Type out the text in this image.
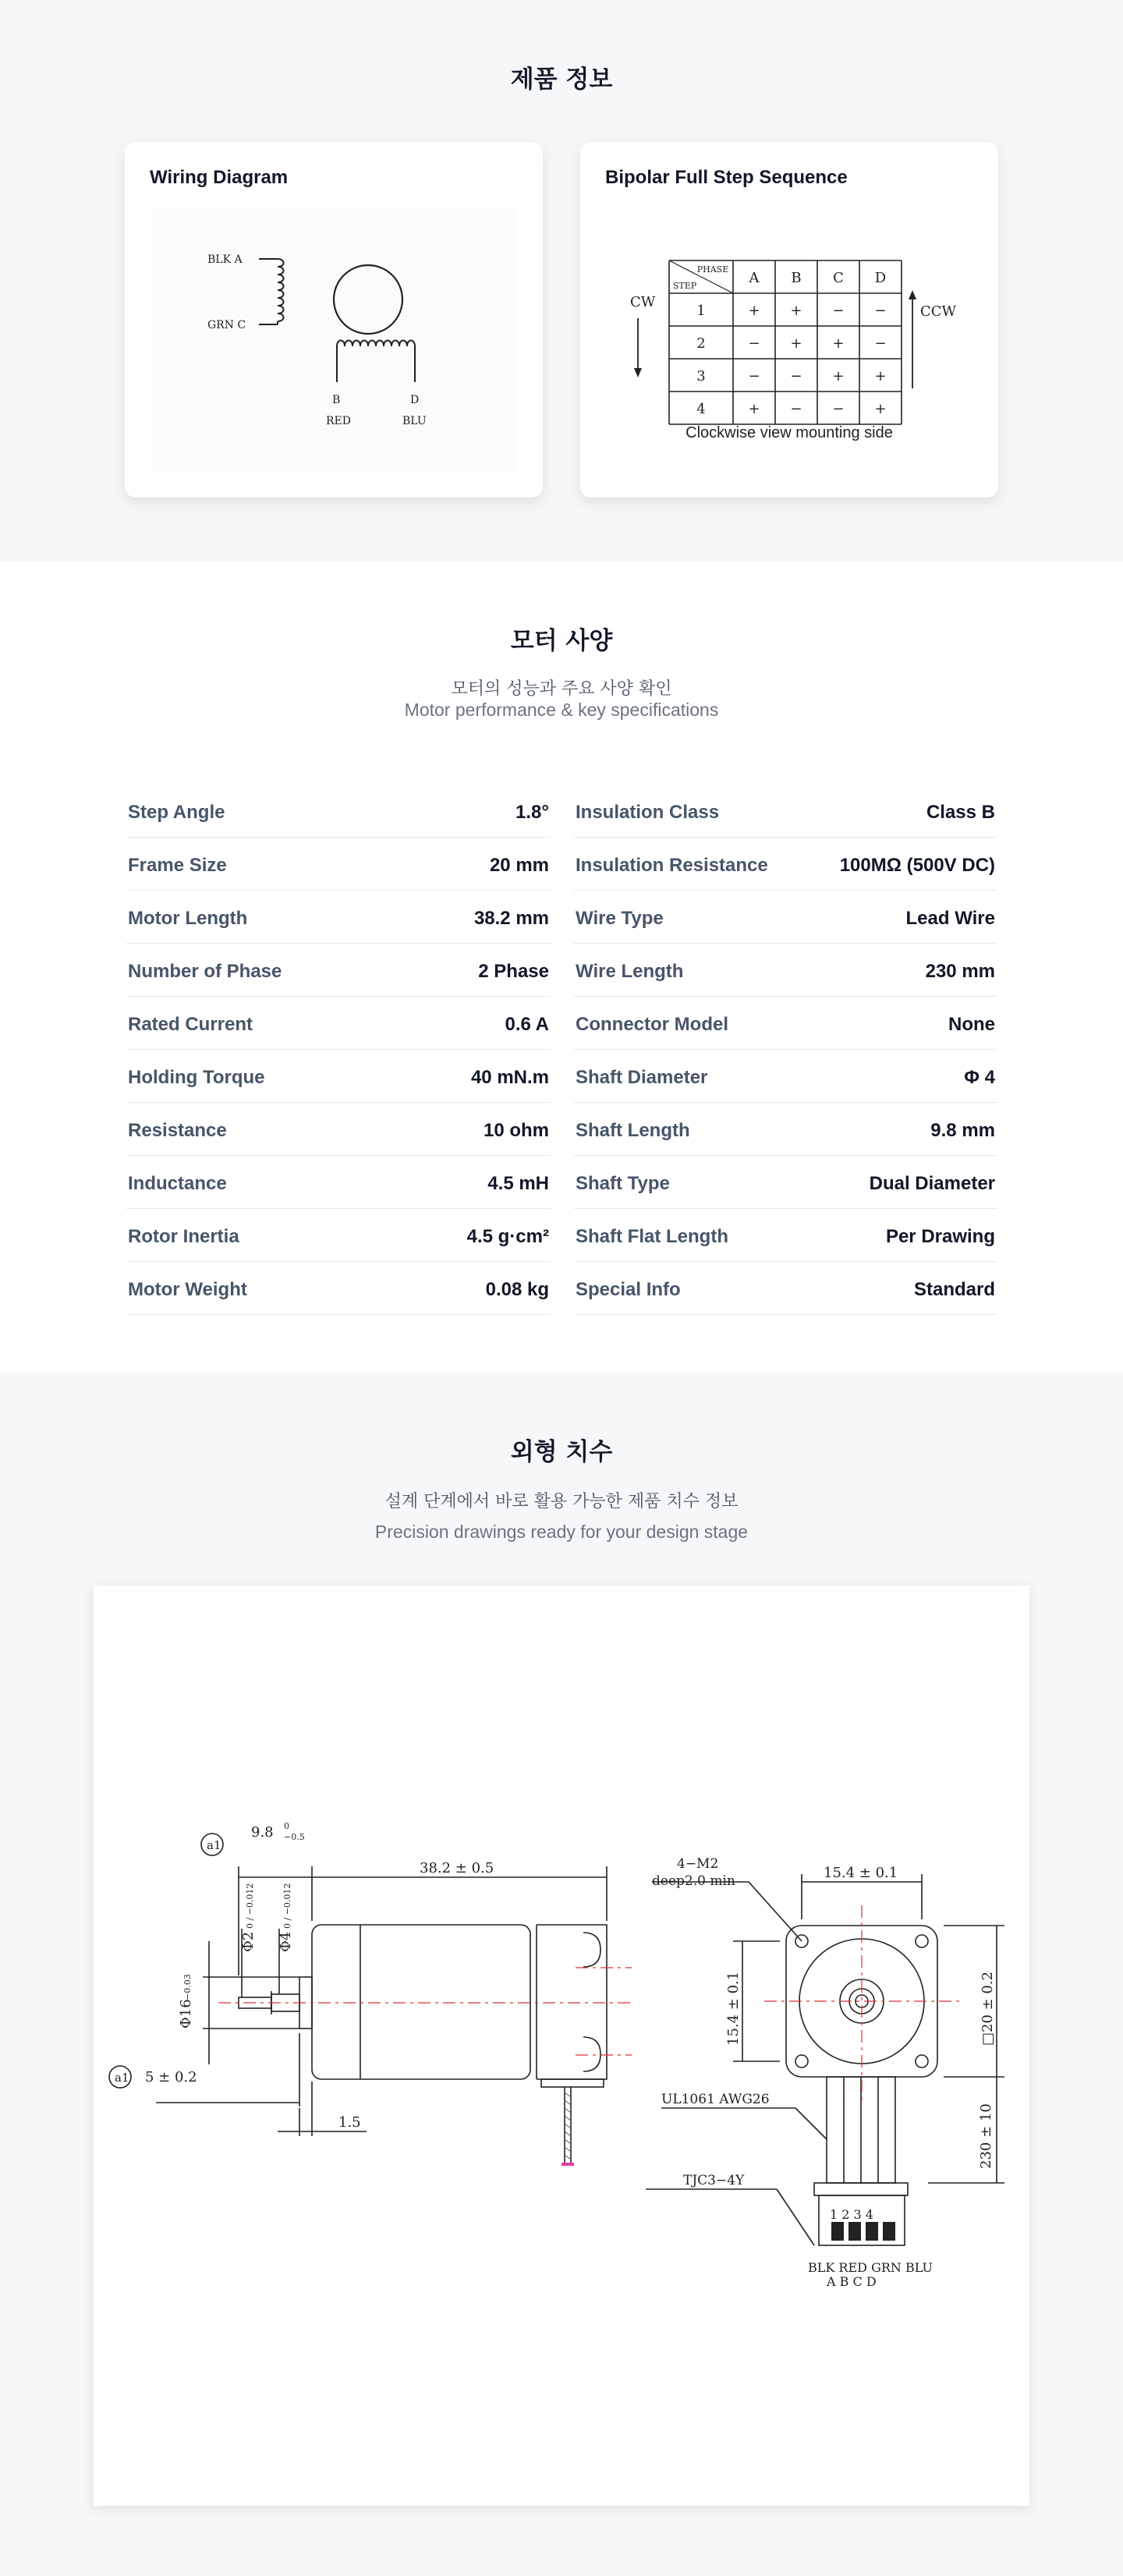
제품 정보
Wiring Diagram
BLK A
GRN C
B
RED
D
BLU
Bipolar Full Step Sequence
PHASE
STEP	A B C D
1	+ + − −
2	− + + −
3	− − + +
4	+ − − +
CW
CCW
Clockwise view mounting side
모터 사양
모터의 성능과 주요 사양 확인
Motor performance & key specifications
Step Angle	1.8°
Frame Size	20 mm
Motor Length	38.2 mm
Number of Phase	2 Phase
Rated Current	0.6 A
Holding Torque	40 mN.m
Resistance	10 ohm
Inductance	4.5 mH
Rotor Inertia	4.5 g·cm²
Motor Weight	0.08 kg
Insulation Class	Class B
Insulation Resistance	100MΩ (500V DC)
Wire Type	Lead Wire
Wire Length	230 mm
Connector Model	None
Shaft Diameter	Φ 4
Shaft Length	9.8 mm
Shaft Type	Dual Diameter
Shaft Flat Length	Per Drawing
Special Info	Standard
외형 치수
설계 단계에서 바로 활용 가능한 제품 치수 정보
Precision drawings ready for your design stage
a1
a1
9.8 0
−0.5
38.2 ± 0.5
Φ2
0 / −0.012
Φ4
0 / −0.012
Φ16
−0.03
5 ± 0.2
1.5
4−M2
deep2.0 min	15.4 ± 0.1
15.4 ± 0.1	□20 ± 0.2
230 ± 10
UL1061 AWG26
TJC3−4Y
1 2 3 4
BLK RED GRN BLU
A B C D
